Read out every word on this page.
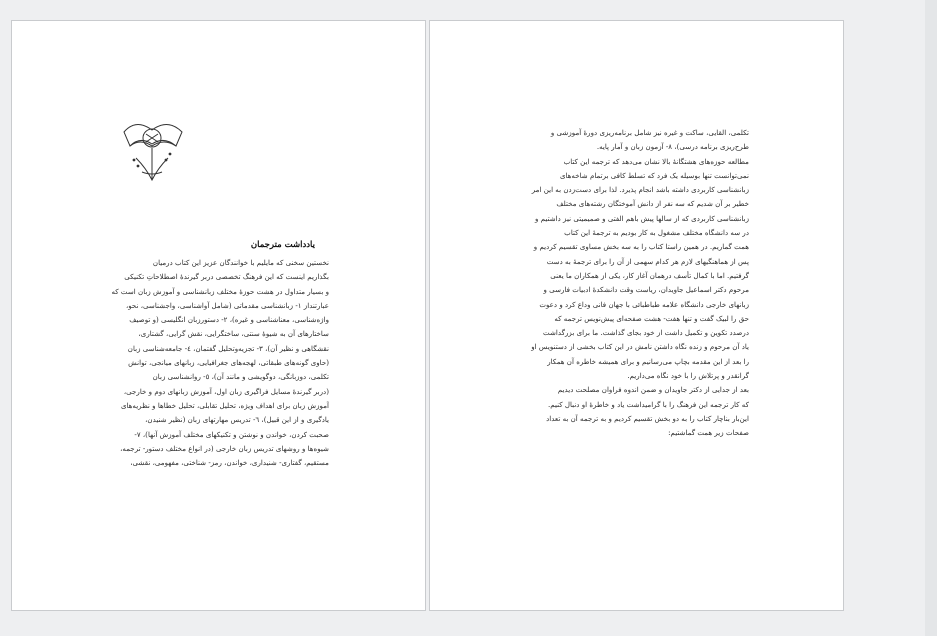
یادداشت مترجمان
نخستین سخنی که مایلیم با خوانندگان عزیز این کتاب درمیان
بگذاریم اینست که این فرهنگ تخصصی دربر گیرندۀ اصطلاحاتِ تکنیکی
و بسیار متداول در هشت حوزۀ مختلف زبانشناسی و آموزش زبان است که
عبارتنداز ۱- زبانشناسی مقدماتی (شامل آواشناسی، واجشناسی، نحو،
واژه‌شناسی، معناشناسی و غیره)، ۲- دستورزبان انگلیسی (و توصیف
ساختارهای آن به شیوۀ سنتی، ساختگرایی، نقش گرایی، گشتاری،
نقشگاهی و نظیر آن)، ۳- تجزیه‌وتحلیل گفتمان، ٤- جامعه‌شناسی زبان
(حاوی گونه‌های طبقاتی، لهجه‌های جغرافیایی، زبانهای میانجی، توانش
تکلمی، دوزبانگی، دوگویشی و مانند آن)، ٥- روانشناسی زبان
(دربر گیرندۀ مسایل فراگیری زبان اول، آموزش زبانهای دوم و خارجی،
آموزش زبان برای اهداف ویژه، تحلیل تقابلی، تحلیل خطاها و نظریه‌های
یادگیری و از این قبیل)، ٦- تدریس مهارتهای زبان (نظیر شنیدن،
صحبت کردن، خواندن و نوشتن و تکنیکهای مختلف آموزش آنها)، ۷-
شیوه‌ها و روشهای تدریس زبان خارجی (در انواع مختلف دستور- ترجمه،
مستقیم، گفتاری- شنیداری، خواندن، رمز- شناختی، مفهومی، نقشی،
تکلمی، القایی، ساکت و غیره نیز شامل برنامه‌ریزی دورۀ آموزشی و
طرح‌ریزی برنامه درسی)، ۸- آزمون زبان و آمار پایه.
مطالعه حوزه‌های هشتگانۀ بالا نشان می‌دهد که ترجمه این کتاب
نمی‌توانست تنها بوسیله یک فرد که تسلط کافی برتمام شاخه‌های
زبانشناسی کاربردی داشته باشد انجام پذیرد. لذا برای دست‌زدن به این امر
خطیر بر آن شدیم که سه نفر از دانش آموختگان رشته‌های مختلف
زبانشناسی کاربردی که از سالها پیش باهم الفتی و صمیمیتی نیز داشتیم و
در سه دانشگاه مختلف مشغول به کار بودیم به ترجمۀ این کتاب
همت گماریم. در همین راستا کتاب را به سه بخش مساوی تقسیم کردیم و
پس از هماهنگیهای لازم هر کدام سهمی از آن را برای ترجمۀ به دست
گرفتیم. اما با کمال تأسف درهمان آغاز کار، یکی از همکاران ما یعنی
مرحوم دکتر اسماعیل جاویدان، ریاست وقت دانشکدۀ ادبیات فارسی و
زبانهای خارجی دانشگاه علامه طباطبائی با جهان فانی وداع کرد و دعوت
حق را لبیک گفت و تنها هفت- هشت صفحه‌ای پیش‌نویس ترجمه که
درصدد تکوین و تکمیل داشت از خود بجای گذاشت. ما برای بزرگداشت
یاد آن مرحوم و زنده نگاه داشتن نامش در این کتاب بخشی از دستنویس او
را بعد از این مقدمه بچاپ می‌رسانیم و برای همیشه خاطره آن همکار
گرانقدر و پرتلاش را با خود نگاه می‌داریم.
بعد از جدایی از دکتر جاویدان و ضمن اندوه فراوان مصلحت دیدیم
که کار ترجمه این فرهنگ را با گرامیداشت یاد و خاطرۀ او دنبال کنیم.
این‌بار بناچار کتاب را به دو بخش تقسیم کردیم و به ترجمه آن به تعداد
صفحات زیر همت گماشتیم:
